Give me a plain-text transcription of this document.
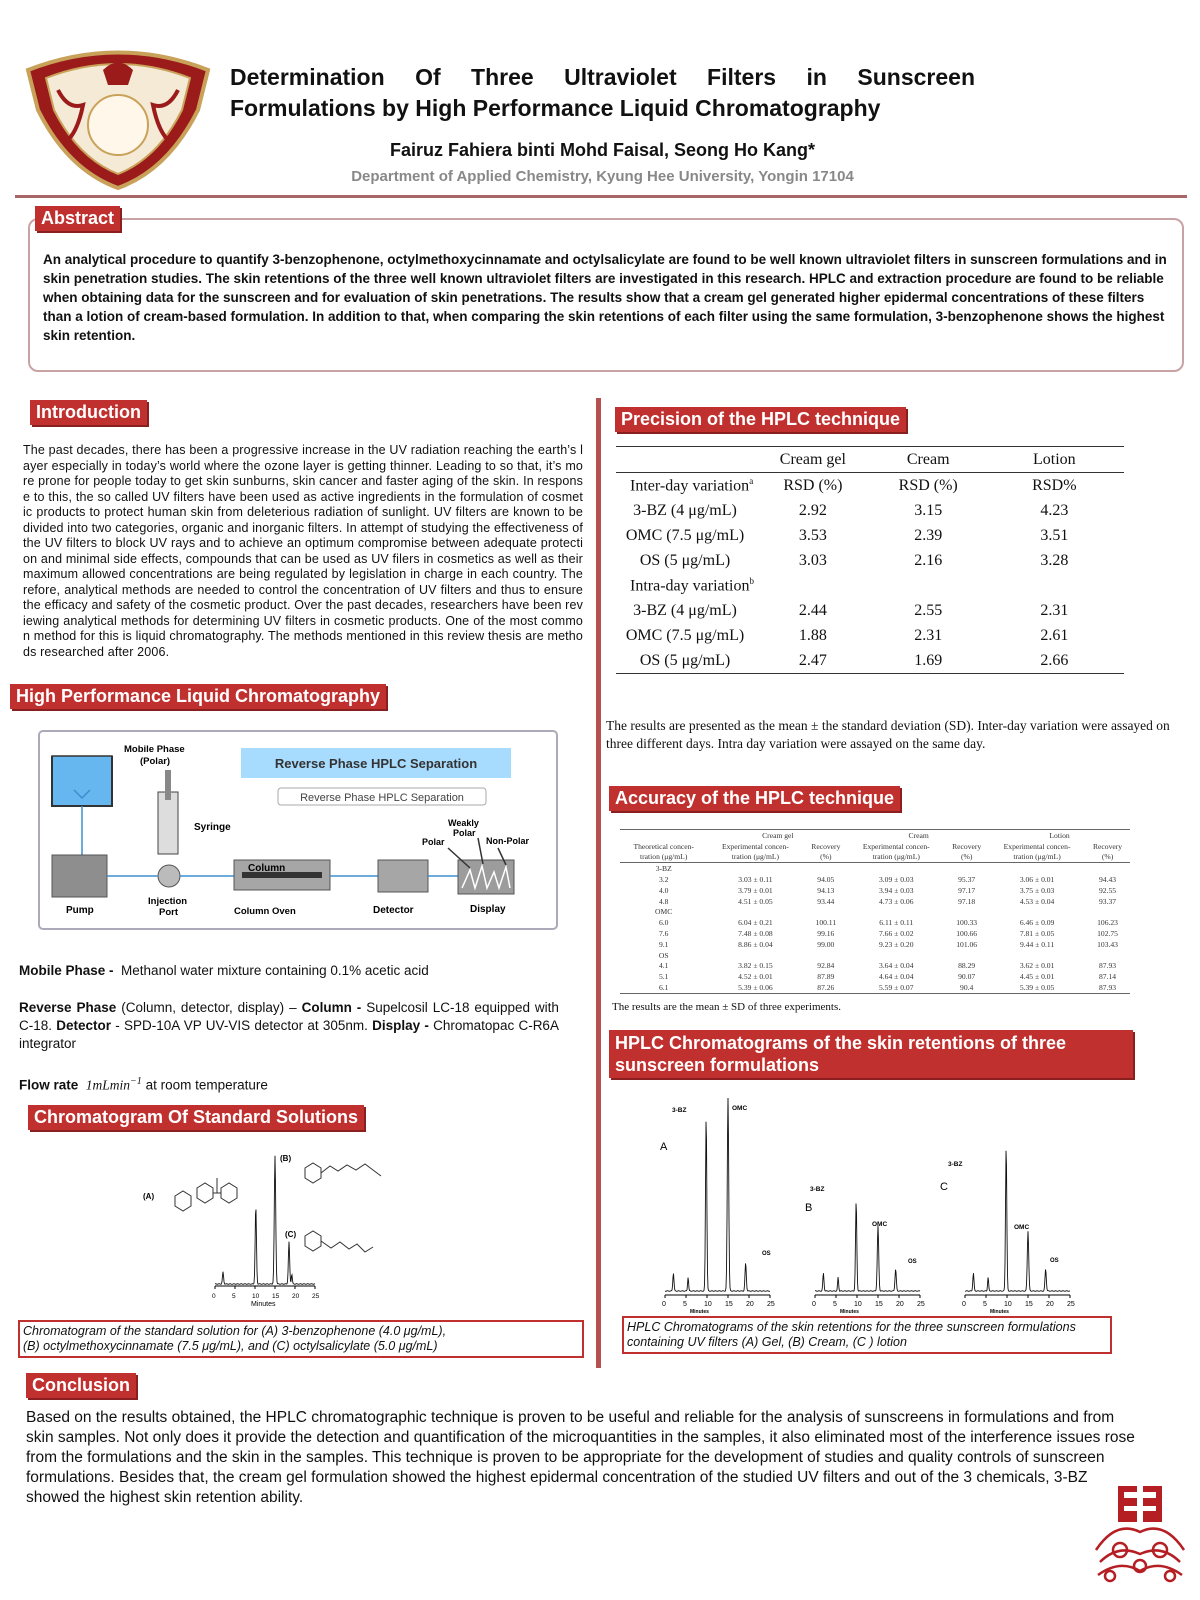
Determination Of Three Ultraviolet Filters in Sunscreen Formulations by High Performance Liquid Chromatography
Fairuz Fahiera binti Mohd Faisal, Seong Ho Kang*
Department of Applied Chemistry, Kyung Hee University, Yongin 17104
Abstract
An analytical procedure to quantify 3-benzophenone, octylmethoxycinnamate and octylsalicylate are found to be well known ultraviolet filters in sunscreen formulations and in skin penetration studies. The skin retentions of the three well known ultraviolet filters are investigated in this research. HPLC and extraction procedure are found to be reliable when obtaining data for the sunscreen and for evaluation of skin penetrations. The results show that a cream gel generated higher epidermal concentrations of these filters than a lotion of cream-based formulation. In addition to that, when comparing the skin retentions of each filter using the same formulation, 3-benzophenone shows the highest skin retention.
Introduction
The past decades, there has been a progressive increase in the UV radiation reaching the earth’s layer especially in today’s world where the ozone layer is getting thinner. Leading to so that, it’s more prone for people today to get skin sunburns, skin cancer and faster aging of the skin. In response to this, the so called UV filters have been used as active ingredients in the formulation of cosmetic products to protect human skin from deleterious radiation of sunlight. UV filters are known to be divided into two categories, organic and inorganic filters. In attempt of studying the effectiveness of the UV filters to block UV rays and to achieve an optimum compromise between adequate protection and minimal side effects, compounds that can be used as UV filers in cosmetics as well as their maximum allowed concentrations are being regulated by legislation in charge in each country. Therefore, analytical methods are needed to control the concentration of UV filters and thus to ensure the efficacy and safety of the cosmetic product. Over the past decades, researchers have been reviewing analytical methods for determining UV filters in cosmetic products. One of the most common method for this is liquid chromatography. The methods mentioned in this review thesis are methods researched after 2006.
High Performance Liquid Chromatography
Pump
Mobile Phase
(Polar)
Syringe
Injection
Port
Column
Column Oven	Detector	Display
Polar
Weakly
Polar
Non-Polar
Reverse Phase HPLC Separation
Reverse Phase HPLC Separation
Mobile Phase - Methanol water mixture containing 0.1% acetic acid
Reverse Phase (Column, detector, display) – Column - Supelcosil LC-18 equipped with C-18. Detector - SPD-10A VP UV-VIS detector at 305nm. Display - Chromatopac C-R6A integrator
Flow rate 1mLmin$^{-1}$ at room temperature
Chromatogram Of Standard Solutions
(A)
(B)
(C)
0	5	10 15 20 25
Minutes
Chromatogram of the standard solution for (A) 3-benzophenone (4.0 μg/mL),
(B) octylmethoxycinnamate (7.5 μg/mL), and (C) octylsalicylate (5.0 μg/mL)
Precision of the HPLC technique
	Cream gel	Cream	Lotion
Inter-day variation$^a$	RSD (%)	RSD (%)	RSD%
3-BZ (4 μg/mL)	2.92	3.15	4.23
OMC (7.5 μg/mL)	3.53	2.39	3.51
OS (5 μg/mL)	3.03	2.16	3.28
Intra-day variation$^b$			
3-BZ (4 μg/mL)	2.44	2.55	2.31
OMC (7.5 μg/mL)	1.88	2.31	2.61
OS (5 μg/mL)	2.47	1.69	2.66
The results are presented as the mean ± the standard deviation (SD). Inter-day variation were assayed on three different days. Intra day variation were assayed on the same day.
Accuracy of the HPLC technique
	Cream gel		Cream		Lotion	
Theoretical concen-	Experimental concen-	Recovery	Experimental concen-	Recovery	Experimental concen-	Recovery
tration (μg/mL)	tration (μg/mL)	(%)	tration (μg/mL)	(%)	tration (μg/mL)	(%)
3-BZ						
3.2	3.03 ± 0.11	94.05	3.09 ± 0.03	95.37	3.06 ± 0.01	94.43
4.0	3.79 ± 0.01	94.13	3.94 ± 0.03	97.17	3.75 ± 0.03	92.55
4.8	4.51 ± 0.05	93.44	4.73 ± 0.06	97.18	4.53 ± 0.04	93.37
OMC						
6.0	6.04 ± 0.21	100.11	6.11 ± 0.11	100.33	6.46 ± 0.09	106.23
7.6	7.48 ± 0.08	99.16	7.66 ± 0.02	100.66	7.81 ± 0.05	102.75
9.1	8.86 ± 0.04	99.00	9.23 ± 0.20	101.06	9.44 ± 0.11	103.43
OS						
4.1	3.82 ± 0.15	92.84	3.64 ± 0.04	88.29	3.62 ± 0.01	87.93
5.1	4.52 ± 0.01	87.89	4.64 ± 0.04	90.07	4.45 ± 0.01	87.14
6.1	5.39 ± 0.06	87.26	5.59 ± 0.07	90.4	5.39 ± 0.05	87.93
The results are the mean ± SD of three experiments.
HPLC Chromatograms of the skin retentions of three sunscreen formulations
0 5 10 15 20 25
Minutes
A
3-BZ	OMC
OS
0 5 10 15 20 25
Minutes
B
3-BZ
OMC
OS
0 5 10 15 20 25
Minutes
C
3-BZ
OMC
OS
HPLC Chromatograms of the skin retentions for the three sunscreen formulations containing UV filters (A) Gel, (B) Cream, (C ) lotion
Conclusion
Based on the results obtained, the HPLC chromatographic technique is proven to be useful and reliable for the analysis of sunscreens in formulations and from skin samples. Not only does it provide the detection and quantification of the microquantities in the samples, it also eliminated most of the interference issues rose from the formulations and the skin in the samples. This technique is proven to be appropriate for the development of studies and quality controls of sunscreen formulations. Besides that, the cream gel formulation showed the highest epidermal concentration of the studied UV filters and out of the 3 chemicals, 3-BZ showed the highest skin retention ability.
